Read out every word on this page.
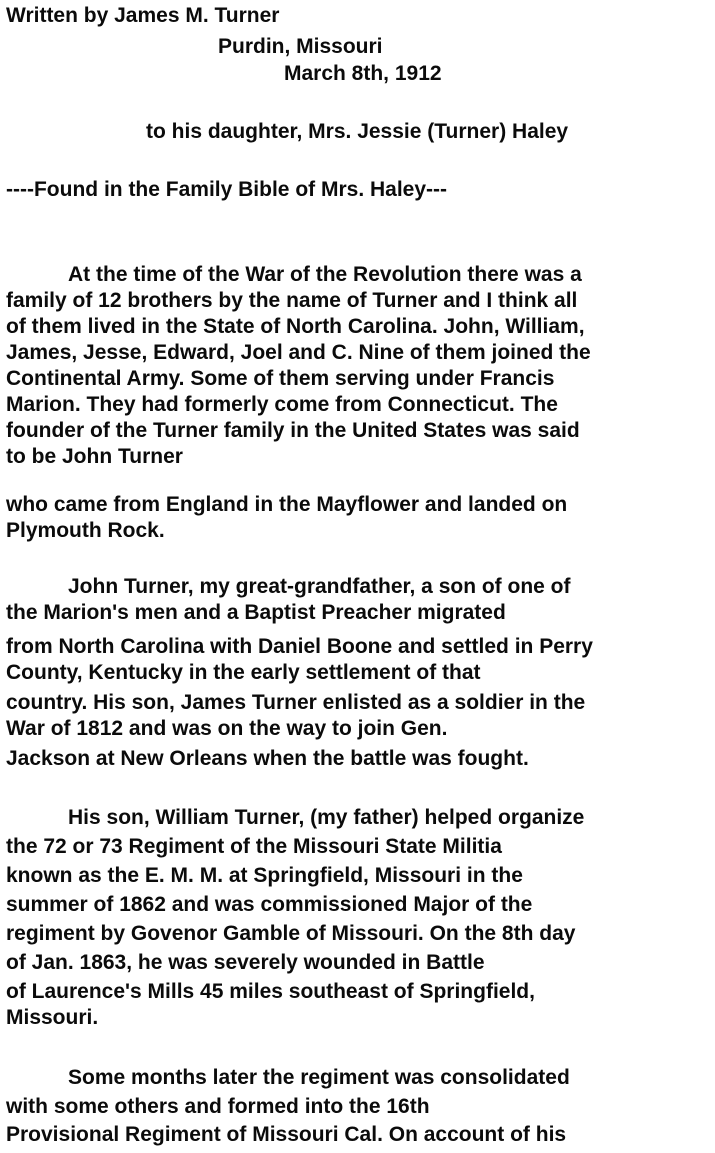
Written by James M. Turner
Purdin, Missouri
March 8th, 1912
to his daughter, Mrs. Jessie (Turner) Haley
----Found in the Family Bible of Mrs. Haley---
At the time of the War of the Revolution there was a
family of 12 brothers by the name of Turner and I think all
of them lived in the State of North Carolina. John, William,
James, Jesse, Edward, Joel and C. Nine of them joined the
Continental Army. Some of them serving under Francis
Marion. They had formerly come from Connecticut. The
founder of the Turner family in the United States was said
to be John Turner
who came from England in the Mayflower and landed on
Plymouth Rock.
John Turner, my great-grandfather, a son of one of
the Marion's men and a Baptist Preacher migrated
from North Carolina with Daniel Boone and settled in Perry
County, Kentucky in the early settlement of that
country. His son, James Turner enlisted as a soldier in the
War of 1812 and was on the way to join Gen.
Jackson at New Orleans when the battle was fought.
His son, William Turner, (my father) helped organize
the 72 or 73 Regiment of the Missouri State Militia
known as the E. M. M. at Springfield, Missouri in the
summer of 1862 and was commissioned Major of the
regiment by Govenor Gamble of Missouri. On the 8th day
of Jan. 1863, he was severely wounded in Battle
of Laurence's Mills 45 miles southeast of Springfield,
Missouri.
Some months later the regiment was consolidated
with some others and formed into the 16th
Provisional Regiment of Missouri Cal. On account of his
